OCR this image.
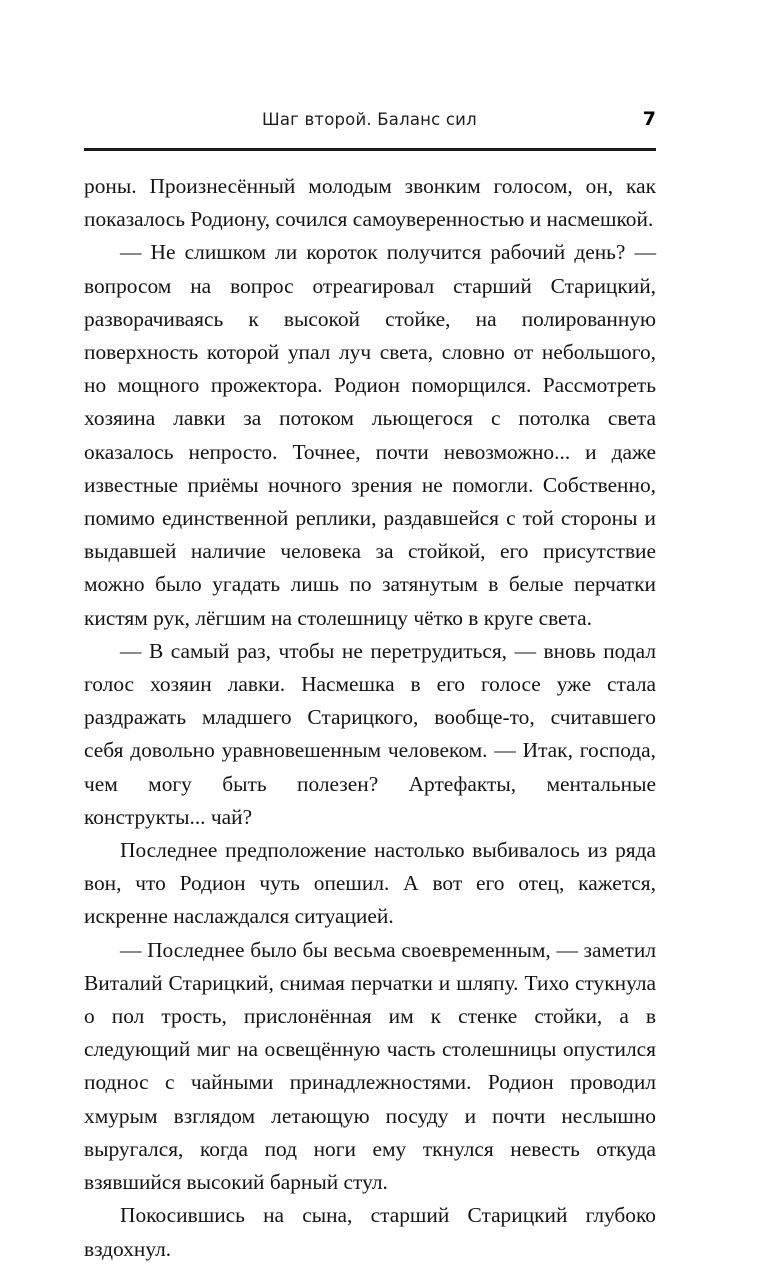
Шаг второй. Баланс сил	7

роны. Произнесённый молодым звонким голосом, он, как показалось Родиону, сочился самоуверенностью и насмешкой.

— Не слишком ли короток получится рабочий день? — вопросом на вопрос отреагировал старший Старицкий, разворачиваясь к высокой стойке, на полированную поверхность которой упал луч света, словно от небольшого, но мощного прожектора. Родион поморщился. Рассмотреть хозяина лавки за потоком льющегося с потолка света оказалось непросто. Точнее, почти невозможно... и даже известные приёмы ночного зрения не помогли. Собственно, помимо единственной реплики, раздавшейся с той стороны и выдавшей наличие человека за стойкой, его присутствие можно было угадать лишь по затянутым в белые перчатки кистям рук, лёгшим на столешницу чётко в круге света.

— В самый раз, чтобы не перетрудиться, — вновь подал голос хозяин лавки. Насмешка в его голосе уже стала раздражать младшего Старицкого, вообще-то, считавшего себя довольно уравновешенным человеком. — Итак, господа, чем могу быть полезен? Артефакты, ментальные конструкты... чай?

Последнее предположение настолько выбивалось из ряда вон, что Родион чуть опешил. А вот его отец, кажется, искренне наслаждался ситуацией.

— Последнее было бы весьма своевременным, — заметил Виталий Старицкий, снимая перчатки и шляпу. Тихо стукнула о пол трость, прислонённая им к стенке стойки, а в следующий миг на освещённую часть столешницы опустился поднос с чайными принадлежностями. Родион проводил хмурым взглядом летающую посуду и почти неслышно выругался, когда под ноги ему ткнулся невесть откуда взявшийся высокий барный стул.

Покосившись на сына, старший Старицкий глубоко вздохнул.
